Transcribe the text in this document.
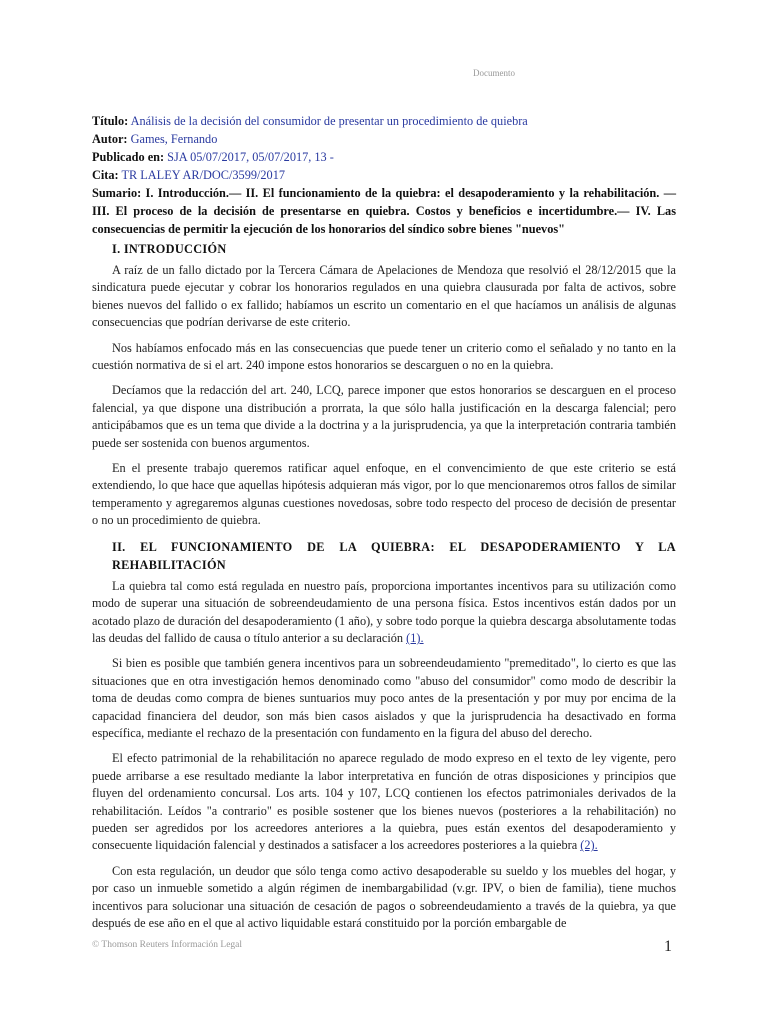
Documento
Título: Análisis de la decisión del consumidor de presentar un procedimiento de quiebra
Autor: Games, Fernando
Publicado en: SJA 05/07/2017, 05/07/2017, 13 -
Cita: TR LALEY AR/DOC/3599/2017

Sumario: I. Introducción.— II. El funcionamiento de la quiebra: el desapoderamiento y la rehabilitación. — III. El proceso de la decisión de presentarse en quiebra. Costos y beneficios e incertidumbre.— IV. Las consecuencias de permitir la ejecución de los honorarios del síndico sobre bienes "nuevos"

I. INTRODUCCIÓN

A raíz de un fallo dictado por la Tercera Cámara de Apelaciones de Mendoza que resolvió el 28/12/2015 que la sindicatura puede ejecutar y cobrar los honorarios regulados en una quiebra clausurada por falta de activos, sobre bienes nuevos del fallido o ex fallido; habíamos un escrito un comentario en el que hacíamos un análisis de algunas consecuencias que podrían derivarse de este criterio.

Nos habíamos enfocado más en las consecuencias que puede tener un criterio como el señalado y no tanto en la cuestión normativa de si el art. 240 impone estos honorarios se descarguen o no en la quiebra.

Decíamos que la redacción del art. 240, LCQ, parece imponer que estos honorarios se descarguen en el proceso falencial, ya que dispone una distribución a prorrata, la que sólo halla justificación en la descarga falencial; pero anticipábamos que es un tema que divide a la doctrina y a la jurisprudencia, ya que la interpretación contraria también puede ser sostenida con buenos argumentos.

En el presente trabajo queremos ratificar aquel enfoque, en el convencimiento de que este criterio se está extendiendo, lo que hace que aquellas hipótesis adquieran más vigor, por lo que mencionaremos otros fallos de similar temperamento y agregaremos algunas cuestiones novedosas, sobre todo respecto del proceso de decisión de presentar o no un procedimiento de quiebra.

II. EL FUNCIONAMIENTO DE LA QUIEBRA: EL DESAPODERAMIENTO Y LA REHABILITACIÓN

La quiebra tal como está regulada en nuestro país, proporciona importantes incentivos para su utilización como modo de superar una situación de sobreendeudamiento de una persona física. Estos incentivos están dados por un acotado plazo de duración del desapoderamiento (1 año), y sobre todo porque la quiebra descarga absolutamente todas las deudas del fallido de causa o título anterior a su declaración (1).

Si bien es posible que también genera incentivos para un sobreendeudamiento "premeditado", lo cierto es que las situaciones que en otra investigación hemos denominado como "abuso del consumidor" como modo de describir la toma de deudas como compra de bienes suntuarios muy poco antes de la presentación y por muy por encima de la capacidad financiera del deudor, son más bien casos aislados y que la jurisprudencia ha desactivado en forma específica, mediante el rechazo de la presentación con fundamento en la figura del abuso del derecho.

El efecto patrimonial de la rehabilitación no aparece regulado de modo expreso en el texto de ley vigente, pero puede arribarse a ese resultado mediante la labor interpretativa en función de otras disposiciones y principios que fluyen del ordenamiento concursal. Los arts. 104 y 107, LCQ contienen los efectos patrimoniales derivados de la rehabilitación. Leídos "a contrario" es posible sostener que los bienes nuevos (posteriores a la rehabilitación) no pueden ser agredidos por los acreedores anteriores a la quiebra, pues están exentos del desapoderamiento y consecuente liquidación falencial y destinados a satisfacer a los acreedores posteriores a la quiebra (2).

Con esta regulación, un deudor que sólo tenga como activo desapoderable su sueldo y los muebles del hogar, y por caso un inmueble sometido a algún régimen de inembargabilidad (v.gr. IPV, o bien de familia), tiene muchos incentivos para solucionar una situación de cesación de pagos o sobreendeudamiento a través de la quiebra, ya que después de ese año en el que al activo liquidable estará constituido por la porción embargable de

© Thomson Reuters Información Legal	1
